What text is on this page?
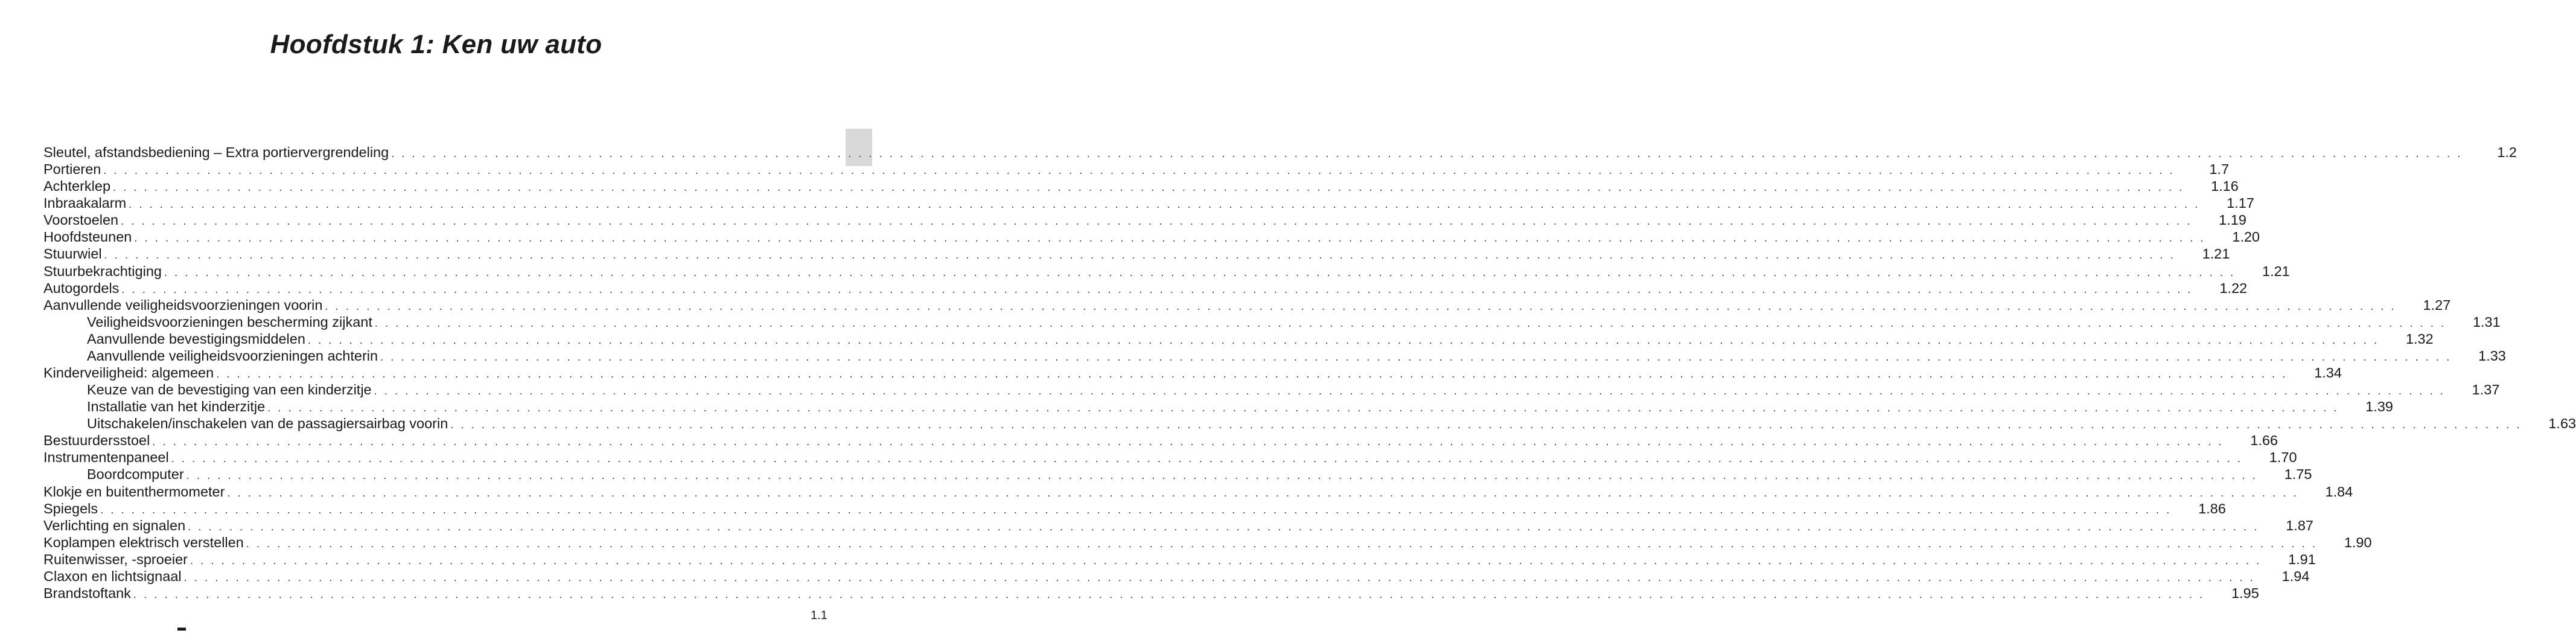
Hoofdstuk 1: Ken uw auto
Sleutel, afstandsbediening – Extra portiervergrendeling . . . . . . . . . . . . . . . . . . . . . . . . . . . . . . . . . . . . . . . . . . . . . . . . . . . . . . . . . . . . . . . . . . . . . . . . . . . . . . . . . . . . . . . . . . . . . . . . . . . . . . . . . . . . . . . . . . . . . . . . . . . . . . . . . . . . . . . . . . . . . . . . . . . . . . . . . . . . . . . . . . . . . . . . . . . . . . . . . . . . . . . . . . . . . . . . . . . . . . . .	1.2
Portieren . . . . . . . . . . . . . . . . . . . . . . . . . . . . . . . . . . . . . . . . . . . . . . . . . . . . . . . . . . . . . . . . . . . . . . . . . . . . . . . . . . . . . . . . . . . . . . . . . . . . . . . . . . . . . . . . . . . . . . . . . . . . . . . . . . . . . . . . . . . . . . . . . . . . . . . . . . . . . . . . . . . . . . . . . . . . . . . . . . . . . . . . . . . . . . . . . . . . . . . .	1.7
Achterklep . . . . . . . . . . . . . . . . . . . . . . . . . . . . . . . . . . . . . . . . . . . . . . . . . . . . . . . . . . . . . . . . . . . . . . . . . . . . . . . . . . . . . . . . . . . . . . . . . . . . . . . . . . . . . . . . . . . . . . . . . . . . . . . . . . . . . . . . . . . . . . . . . . . . . . . . . . . . . . . . . . . . . . . . . . . . . . . . . . . . . . . . . . . . . . . . . . . . . . . .	1.16
Inbraakalarm . . . . . . . . . . . . . . . . . . . . . . . . . . . . . . . . . . . . . . . . . . . . . . . . . . . . . . . . . . . . . . . . . . . . . . . . . . . . . . . . . . . . . . . . . . . . . . . . . . . . . . . . . . . . . . . . . . . . . . . . . . . . . . . . . . . . . . . . . . . . . . . . . . . . . . . . . . . . . . . . . . . . . . . . . . . . . . . . . . . . . . . . . . . . . . . . . . . . . . . .	1.17
Voorstoelen . . . . . . . . . . . . . . . . . . . . . . . . . . . . . . . . . . . . . . . . . . . . . . . . . . . . . . . . . . . . . . . . . . . . . . . . . . . . . . . . . . . . . . . . . . . . . . . . . . . . . . . . . . . . . . . . . . . . . . . . . . . . . . . . . . . . . . . . . . . . . . . . . . . . . . . . . . . . . . . . . . . . . . . . . . . . . . . . . . . . . . . . . . . . . . . . . . . . . . . .	1.19
Hoofdsteunen . . . . . . . . . . . . . . . . . . . . . . . . . . . . . . . . . . . . . . . . . . . . . . . . . . . . . . . . . . . . . . . . . . . . . . . . . . . . . . . . . . . . . . . . . . . . . . . . . . . . . . . . . . . . . . . . . . . . . . . . . . . . . . . . . . . . . . . . . . . . . . . . . . . . . . . . . . . . . . . . . . . . . . . . . . . . . . . . . . . . . . . . . . . . . . . . . . . . . . . .	1.20
Stuurwiel . . . . . . . . . . . . . . . . . . . . . . . . . . . . . . . . . . . . . . . . . . . . . . . . . . . . . . . . . . . . . . . . . . . . . . . . . . . . . . . . . . . . . . . . . . . . . . . . . . . . . . . . . . . . . . . . . . . . . . . . . . . . . . . . . . . . . . . . . . . . . . . . . . . . . . . . . . . . . . . . . . . . . . . . . . . . . . . . . . . . . . . . . . . . . . . . . . . . . . . .	1.21
Stuurbekrachtiging . . . . . . . . . . . . . . . . . . . . . . . . . . . . . . . . . . . . . . . . . . . . . . . . . . . . . . . . . . . . . . . . . . . . . . . . . . . . . . . . . . . . . . . . . . . . . . . . . . . . . . . . . . . . . . . . . . . . . . . . . . . . . . . . . . . . . . . . . . . . . . . . . . . . . . . . . . . . . . . . . . . . . . . . . . . . . . . . . . . . . . . . . . . . . . . . . . . . . . . .	1.21
Autogordels . . . . . . . . . . . . . . . . . . . . . . . . . . . . . . . . . . . . . . . . . . . . . . . . . . . . . . . . . . . . . . . . . . . . . . . . . . . . . . . . . . . . . . . . . . . . . . . . . . . . . . . . . . . . . . . . . . . . . . . . . . . . . . . . . . . . . . . . . . . . . . . . . . . . . . . . . . . . . . . . . . . . . . . . . . . . . . . . . . . . . . . . . . . . . . . . . . . . . . . .	1.22
Aanvullende veiligheidsvoorzieningen voorin . . . . . . . . . . . . . . . . . . . . . . . . . . . . . . . . . . . . . . . . . . . . . . . . . . . . . . . . . . . . . . . . . . . . . . . . . . . . . . . . . . . . . . . . . . . . . . . . . . . . . . . . . . . . . . . . . . . . . . . . . . . . . . . . . . . . . . . . . . . . . . . . . . . . . . . . . . . . . . . . . . . . . . . . . . . . . . . . . . . . . . . . . . . . . . . . . . . . . . . .	1.27
Veiligheidsvoorzieningen bescherming zijkant . . . . . . . . . . . . . . . . . . . . . . . . . . . . . . . . . . . . . . . . . . . . . . . . . . . . . . . . . . . . . . . . . . . . . . . . . . . . . . . . . . . . . . . . . . . . . . . . . . . . . . . . . . . . . . . . . . . . . . . . . . . . . . . . . . . . . . . . . . . . . . . . . . . . . . . . . . . . . . . . . . . . . . . . . . . . . . . . . . . . . . . . . . . . . . . . . . . . . . . .	1.31
Aanvullende bevestigingsmiddelen . . . . . . . . . . . . . . . . . . . . . . . . . . . . . . . . . . . . . . . . . . . . . . . . . . . . . . . . . . . . . . . . . . . . . . . . . . . . . . . . . . . . . . . . . . . . . . . . . . . . . . . . . . . . . . . . . . . . . . . . . . . . . . . . . . . . . . . . . . . . . . . . . . . . . . . . . . . . . . . . . . . . . . . . . . . . . . . . . . . . . . . . . . . . . . . . . . . . . . . .	1.32
Aanvullende veiligheidsvoorzieningen achterin . . . . . . . . . . . . . . . . . . . . . . . . . . . . . . . . . . . . . . . . . . . . . . . . . . . . . . . . . . . . . . . . . . . . . . . . . . . . . . . . . . . . . . . . . . . . . . . . . . . . . . . . . . . . . . . . . . . . . . . . . . . . . . . . . . . . . . . . . . . . . . . . . . . . . . . . . . . . . . . . . . . . . . . . . . . . . . . . . . . . . . . . . . . . . . . . . . . . . . . .	1.33
Kinderveiligheid: algemeen . . . . . . . . . . . . . . . . . . . . . . . . . . . . . . . . . . . . . . . . . . . . . . . . . . . . . . . . . . . . . . . . . . . . . . . . . . . . . . . . . . . . . . . . . . . . . . . . . . . . . . . . . . . . . . . . . . . . . . . . . . . . . . . . . . . . . . . . . . . . . . . . . . . . . . . . . . . . . . . . . . . . . . . . . . . . . . . . . . . . . . . . . . . . . . . . . . . . . . . .	1.34
Keuze van de bevestiging van een kinderzitje . . . . . . . . . . . . . . . . . . . . . . . . . . . . . . . . . . . . . . . . . . . . . . . . . . . . . . . . . . . . . . . . . . . . . . . . . . . . . . . . . . . . . . . . . . . . . . . . . . . . . . . . . . . . . . . . . . . . . . . . . . . . . . . . . . . . . . . . . . . . . . . . . . . . . . . . . . . . . . . . . . . . . . . . . . . . . . . . . . . . . . . . . . . . . . . . . . . . . . . .	1.37
Installatie van het kinderzitje . . . . . . . . . . . . . . . . . . . . . . . . . . . . . . . . . . . . . . . . . . . . . . . . . . . . . . . . . . . . . . . . . . . . . . . . . . . . . . . . . . . . . . . . . . . . . . . . . . . . . . . . . . . . . . . . . . . . . . . . . . . . . . . . . . . . . . . . . . . . . . . . . . . . . . . . . . . . . . . . . . . . . . . . . . . . . . . . . . . . . . . . . . . . . . . . . . . . . . . .	1.39
Uitschakelen/inschakelen van de passagiersairbag voorin . . . . . . . . . . . . . . . . . . . . . . . . . . . . . . . . . . . . . . . . . . . . . . . . . . . . . . . . . . . . . . . . . . . . . . . . . . . . . . . . . . . . . . . . . . . . . . . . . . . . . . . . . . . . . . . . . . . . . . . . . . . . . . . . . . . . . . . . . . . . . . . . . . . . . . . . . . . . . . . . . . . . . . . . . . . . . . . . . . . . . . . . . . . . . . . . . . . . . . . .	1.63
Bestuurdersstoel . . . . . . . . . . . . . . . . . . . . . . . . . . . . . . . . . . . . . . . . . . . . . . . . . . . . . . . . . . . . . . . . . . . . . . . . . . . . . . . . . . . . . . . . . . . . . . . . . . . . . . . . . . . . . . . . . . . . . . . . . . . . . . . . . . . . . . . . . . . . . . . . . . . . . . . . . . . . . . . . . . . . . . . . . . . . . . . . . . . . . . . . . . . . . . . . . . . . . . . .	1.66
Instrumentenpaneel . . . . . . . . . . . . . . . . . . . . . . . . . . . . . . . . . . . . . . . . . . . . . . . . . . . . . . . . . . . . . . . . . . . . . . . . . . . . . . . . . . . . . . . . . . . . . . . . . . . . . . . . . . . . . . . . . . . . . . . . . . . . . . . . . . . . . . . . . . . . . . . . . . . . . . . . . . . . . . . . . . . . . . . . . . . . . . . . . . . . . . . . . . . . . . . . . . . . . . . .	1.70
Boordcomputer . . . . . . . . . . . . . . . . . . . . . . . . . . . . . . . . . . . . . . . . . . . . . . . . . . . . . . . . . . . . . . . . . . . . . . . . . . . . . . . . . . . . . . . . . . . . . . . . . . . . . . . . . . . . . . . . . . . . . . . . . . . . . . . . . . . . . . . . . . . . . . . . . . . . . . . . . . . . . . . . . . . . . . . . . . . . . . . . . . . . . . . . . . . . . . . . . . . . . . . .	1.75
Klokje en buitenthermometer . . . . . . . . . . . . . . . . . . . . . . . . . . . . . . . . . . . . . . . . . . . . . . . . . . . . . . . . . . . . . . . . . . . . . . . . . . . . . . . . . . . . . . . . . . . . . . . . . . . . . . . . . . . . . . . . . . . . . . . . . . . . . . . . . . . . . . . . . . . . . . . . . . . . . . . . . . . . . . . . . . . . . . . . . . . . . . . . . . . . . . . . . . . . . . . . . . . . . . . .	1.84
Spiegels . . . . . . . . . . . . . . . . . . . . . . . . . . . . . . . . . . . . . . . . . . . . . . . . . . . . . . . . . . . . . . . . . . . . . . . . . . . . . . . . . . . . . . . . . . . . . . . . . . . . . . . . . . . . . . . . . . . . . . . . . . . . . . . . . . . . . . . . . . . . . . . . . . . . . . . . . . . . . . . . . . . . . . . . . . . . . . . . . . . . . . . . . . . . . . . . . . . . . . . .	1.86
Verlichting en signalen . . . . . . . . . . . . . . . . . . . . . . . . . . . . . . . . . . . . . . . . . . . . . . . . . . . . . . . . . . . . . . . . . . . . . . . . . . . . . . . . . . . . . . . . . . . . . . . . . . . . . . . . . . . . . . . . . . . . . . . . . . . . . . . . . . . . . . . . . . . . . . . . . . . . . . . . . . . . . . . . . . . . . . . . . . . . . . . . . . . . . . . . . . . . . . . . . . . . . . . .	1.87
Koplampen elektrisch verstellen . . . . . . . . . . . . . . . . . . . . . . . . . . . . . . . . . . . . . . . . . . . . . . . . . . . . . . . . . . . . . . . . . . . . . . . . . . . . . . . . . . . . . . . . . . . . . . . . . . . . . . . . . . . . . . . . . . . . . . . . . . . . . . . . . . . . . . . . . . . . . . . . . . . . . . . . . . . . . . . . . . . . . . . . . . . . . . . . . . . . . . . . . . . . . . . . . . . . . . . .	1.90
Ruitenwisser, -sproeier . . . . . . . . . . . . . . . . . . . . . . . . . . . . . . . . . . . . . . . . . . . . . . . . . . . . . . . . . . . . . . . . . . . . . . . . . . . . . . . . . . . . . . . . . . . . . . . . . . . . . . . . . . . . . . . . . . . . . . . . . . . . . . . . . . . . . . . . . . . . . . . . . . . . . . . . . . . . . . . . . . . . . . . . . . . . . . . . . . . . . . . . . . . . . . . . . . . . . . . .	1.91
Claxon en lichtsignaal . . . . . . . . . . . . . . . . . . . . . . . . . . . . . . . . . . . . . . . . . . . . . . . . . . . . . . . . . . . . . . . . . . . . . . . . . . . . . . . . . . . . . . . . . . . . . . . . . . . . . . . . . . . . . . . . . . . . . . . . . . . . . . . . . . . . . . . . . . . . . . . . . . . . . . . . . . . . . . . . . . . . . . . . . . . . . . . . . . . . . . . . . . . . . . . . . . . . . . . .	1.94
Brandstoftank . . . . . . . . . . . . . . . . . . . . . . . . . . . . . . . . . . . . . . . . . . . . . . . . . . . . . . . . . . . . . . . . . . . . . . . . . . . . . . . . . . . . . . . . . . . . . . . . . . . . . . . . . . . . . . . . . . . . . . . . . . . . . . . . . . . . . . . . . . . . . . . . . . . . . . . . . . . . . . . . . . . . . . . . . . . . . . . . . . . . . . . . . . . . . . . . . . . . . . . .	1.95
1.1
